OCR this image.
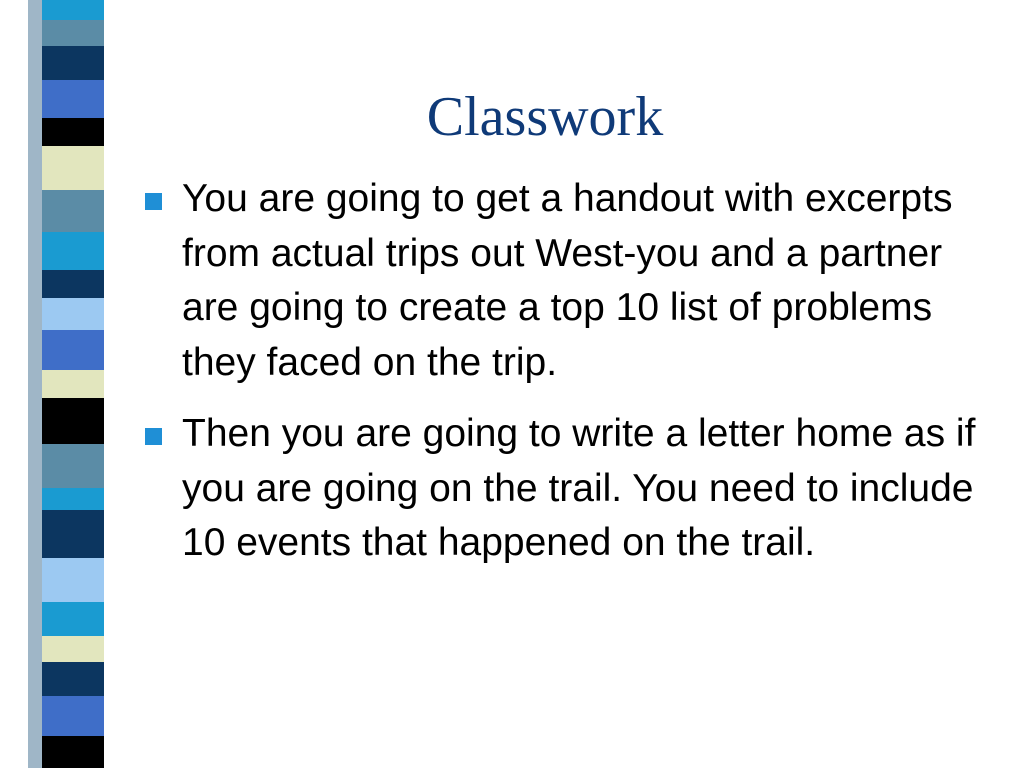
Classwork
You are going to get a handout with excerpts from actual trips out West-you and a partner are going to create a top 10 list of problems they faced on the trip.
Then you are going to write a letter home as if you are going on the trail. You need to include 10 events that happened on the trail.
